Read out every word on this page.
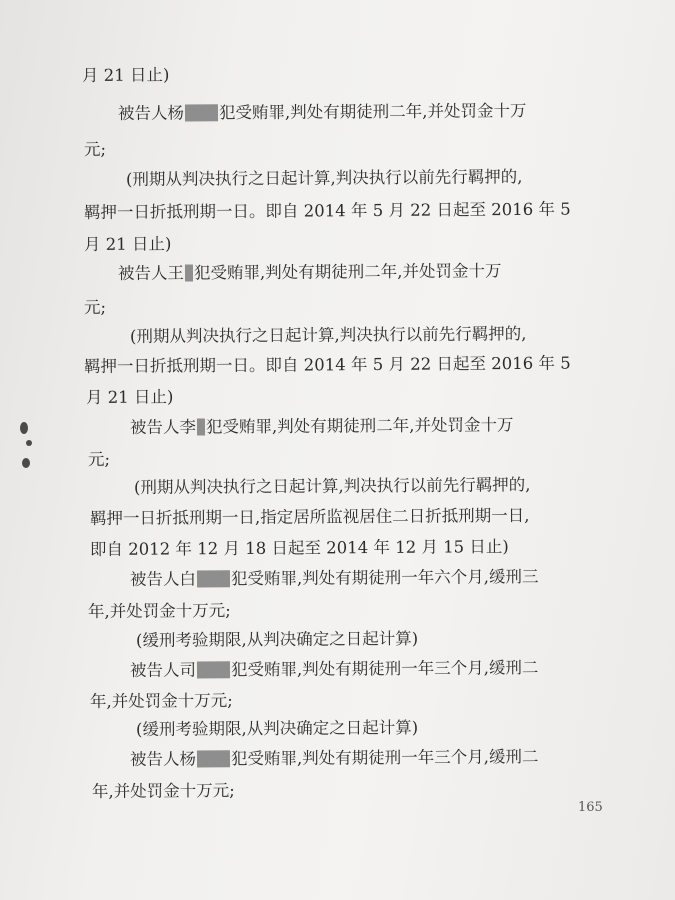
月 21 日止)
被告人杨 犯受贿罪,判处有期徒刑二年,并处罚金十万
元;
(刑期从判决执行之日起计算,判决执行以前先行羁押的,
羁押一日折抵刑期一日。即自 2014 年 5 月 22 日起至 2016 年 5
月 21 日止)
被告人王 犯受贿罪,判处有期徒刑二年,并处罚金十万
元;
(刑期从判决执行之日起计算,判决执行以前先行羁押的,
羁押一日折抵刑期一日。即自 2014 年 5 月 22 日起至 2016 年 5
月 21 日止)
被告人李 犯受贿罪,判处有期徒刑二年,并处罚金十万
元;
(刑期从判决执行之日起计算,判决执行以前先行羁押的,
羁押一日折抵刑期一日,指定居所监视居住二日折抵刑期一日,
即自 2012 年 12 月 18 日起至 2014 年 12 月 15 日止)
被告人白 犯受贿罪,判处有期徒刑一年六个月,缓刑三
年,并处罚金十万元;
(缓刑考验期限,从判决确定之日起计算)
被告人司 犯受贿罪,判处有期徒刑一年三个月,缓刑二
年,并处罚金十万元;
(缓刑考验期限,从判决确定之日起计算)
被告人杨 犯受贿罪,判处有期徒刑一年三个月,缓刑二
年,并处罚金十万元;
165
